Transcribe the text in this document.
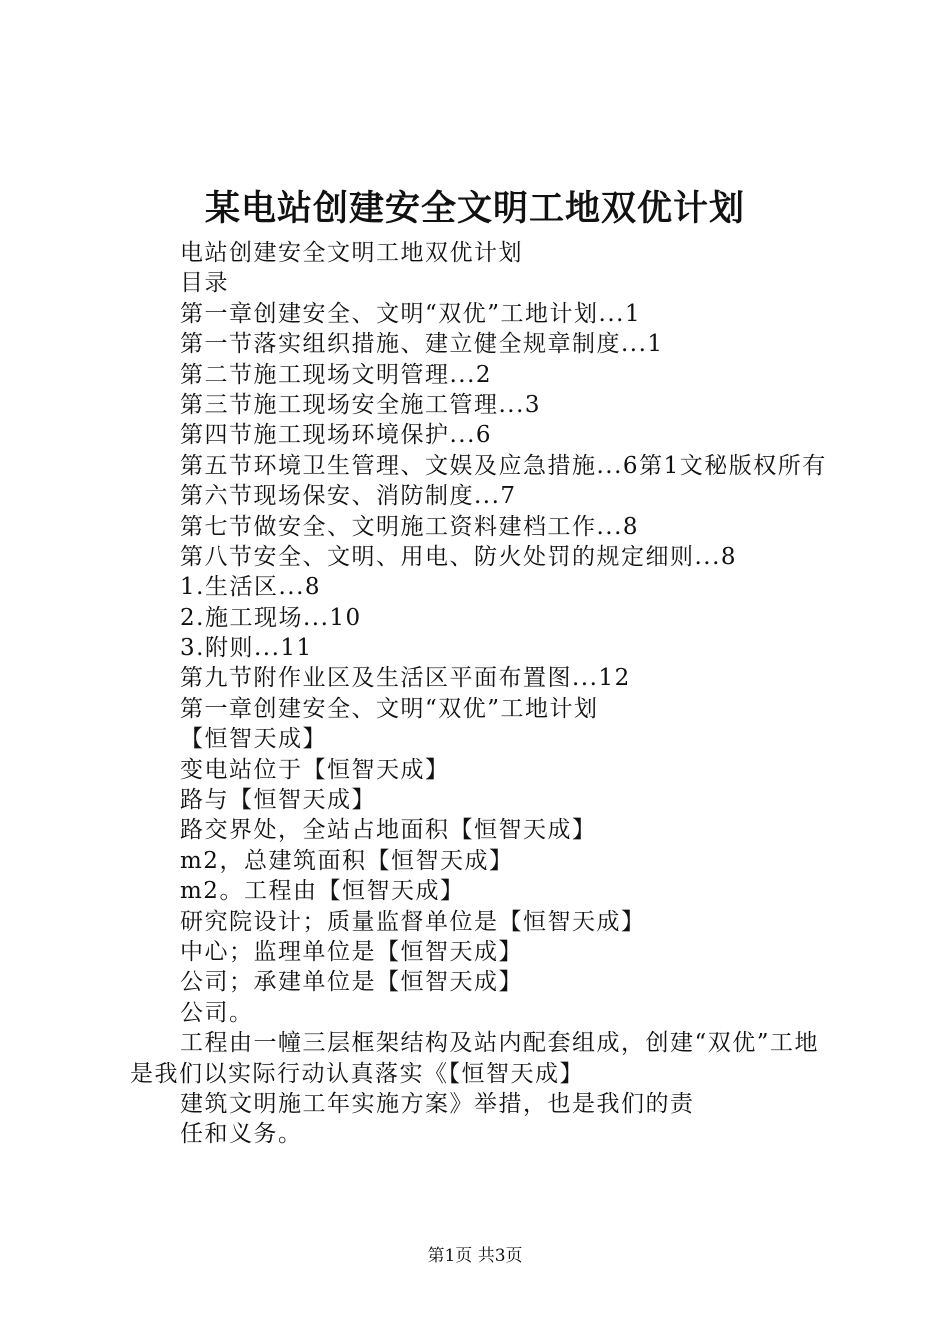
某电站创建安全文明工地双优计划
电站创建安全文明工地双优计划
目录
第一章创建安全、文明“双优”工地计划...1
第一节落实组织措施、建立健全规章制度...1
第二节施工现场文明管理...2
第三节施工现场安全施工管理...3
第四节施工现场环境保护...6
第五节环境卫生管理、文娱及应急措施...6第1文秘版权所有
第六节现场保安、消防制度...7
第七节做安全、文明施工资料建档工作...8
第八节安全、文明、用电、防火处罚的规定细则...8
1.生活区...8
2.施工现场...10
3.附则...11
第九节附作业区及生活区平面布置图...12
第一章创建安全、文明“双优”工地计划
【恒智天成】
变电站位于【恒智天成】
路与【恒智天成】
路交界处，全站占地面积【恒智天成】
m2，总建筑面积【恒智天成】
m2。工程由【恒智天成】
研究院设计；质量监督单位是【恒智天成】
中心；监理单位是【恒智天成】
公司；承建单位是【恒智天成】
公司。
工程由一幢三层框架结构及站内配套组成，创建“双优”工地是我们以实际行动认真落实《【恒智天成】
建筑文明施工年实施方案》举措，也是我们的责
任和义务。
第1页 共3页
